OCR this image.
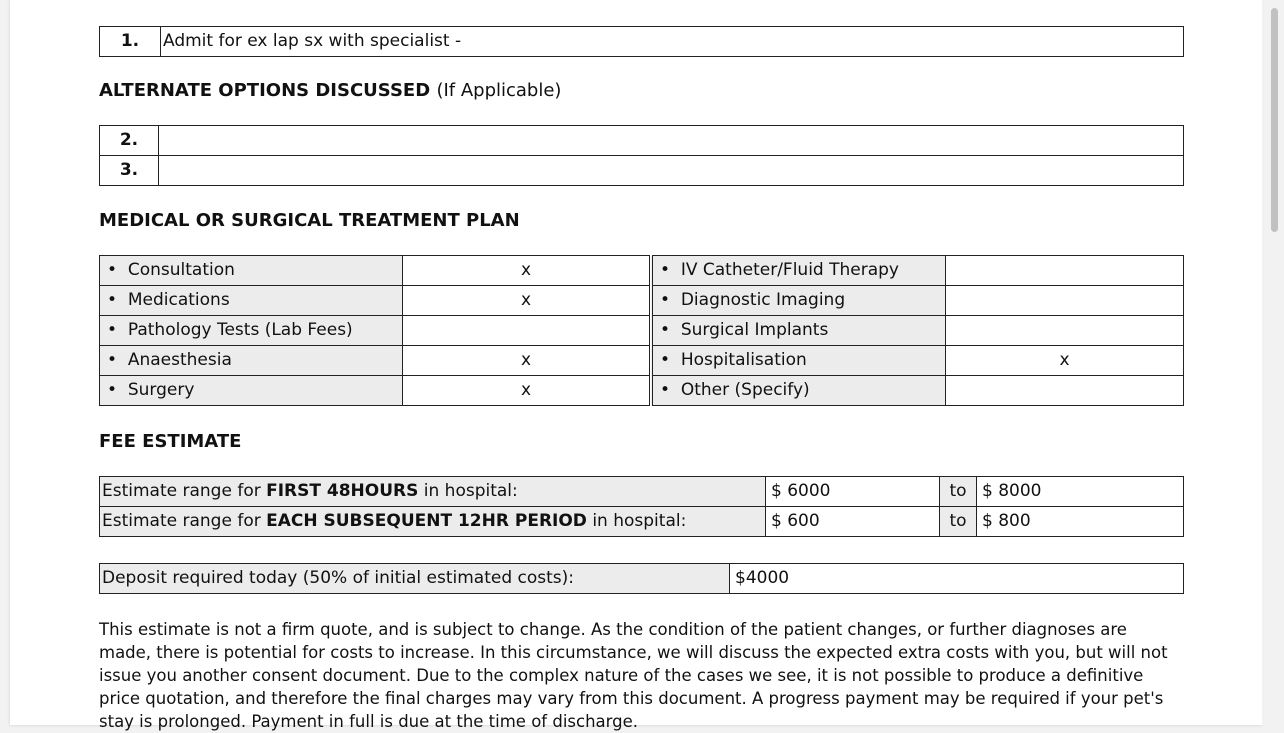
1.	Admit for ex lap sx with specialist -
ALTERNATE OPTIONS DISCUSSED (If Applicable)
2.	
3.	
MEDICAL OR SURGICAL TREATMENT PLAN
• Consultation	x	• IV Catheter/Fluid Therapy	
• Medications	x	• Diagnostic Imaging	
• Pathology Tests (Lab Fees)		• Surgical Implants	
• Anaesthesia	x	• Hospitalisation	x
• Surgery	x	• Other (Specify)	
FEE ESTIMATE
Estimate range for FIRST 48HOURS in hospital:	$ 6000	to	$ 8000
Estimate range for EACH SUBSEQUENT 12HR PERIOD in hospital:	$ 600	to	$ 800
Deposit required today (50% of initial estimated costs):	$4000

This estimate is not a firm quote, and is subject to change. As the condition of the patient changes, or further diagnoses are made, there is potential for costs to increase. In this circumstance, we will discuss the expected extra costs with you, but will not issue you another consent document. Due to the complex nature of the cases we see, it is not possible to produce a definitive price quotation, and therefore the final charges may vary from this document. A progress payment may be required if your pet's stay is prolonged. Payment in full is due at the time of discharge.
